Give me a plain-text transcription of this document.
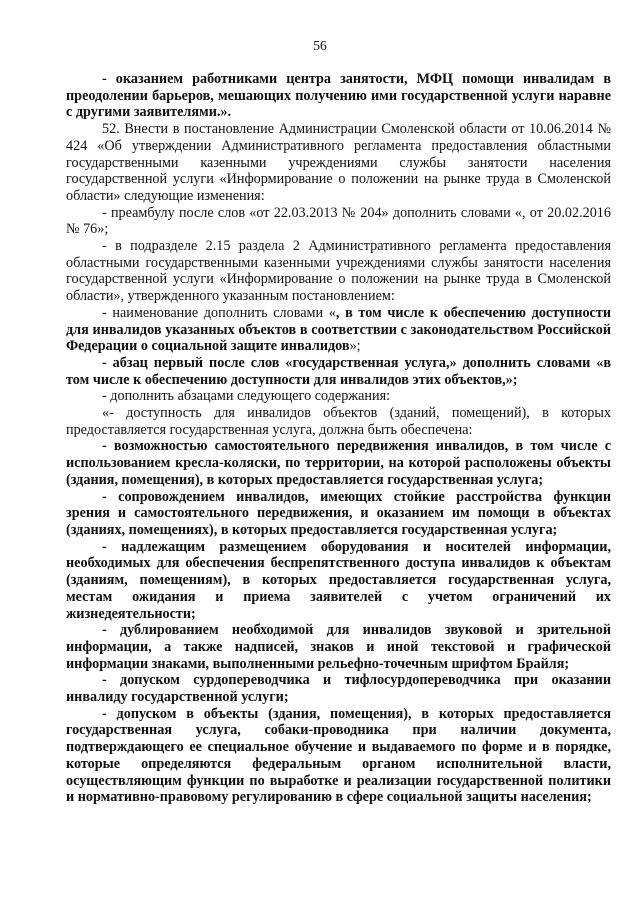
56

- оказанием работниками центра занятости, МФЦ помощи инвалидам в преодолении барьеров, мешающих получению ими государственной услуги наравне с другими заявителями.».

52. Внести в постановление Администрации Смоленской области от 10.06.2014 № 424 «Об утверждении Административного регламента предоставления областными государственными казенными учреждениями службы занятости населения государственной услуги «Информирование о положении на рынке труда в Смоленской области» следующие изменения:

- преамбулу после слов «от 22.03.2013 № 204» дополнить словами «, от 20.02.2016 № 76»;

- в подразделе 2.15 раздела 2 Административного регламента предоставления областными государственными казенными учреждениями службы занятости населения государственной услуги «Информирование о положении на рынке труда в Смоленской области», утвержденного указанным постановлением:

- наименование дополнить словами «, в том числе к обеспечению доступности для инвалидов указанных объектов в соответствии с законодательством Российской Федерации о социальной защите инвалидов»;

- абзац первый после слов «государственная услуга,» дополнить словами «в том числе к обеспечению доступности для инвалидов этих объектов,»;

- дополнить абзацами следующего содержания:

«- доступность для инвалидов объектов (зданий, помещений), в которых предоставляется государственная услуга, должна быть обеспечена:

- возможностью самостоятельного передвижения инвалидов, в том числе с использованием кресла-коляски, по территории, на которой расположены объекты (здания, помещения), в которых предоставляется государственная услуга;

- сопровождением инвалидов, имеющих стойкие расстройства функции зрения и самостоятельного передвижения, и оказанием им помощи в объектах (зданиях, помещениях), в которых предоставляется государственная услуга;

- надлежащим размещением оборудования и носителей информации, необходимых для обеспечения беспрепятственного доступа инвалидов к объектам (зданиям, помещениям), в которых предоставляется государственная услуга, местам ожидания и приема заявителей с учетом ограничений их жизнедеятельности;

- дублированием необходимой для инвалидов звуковой и зрительной информации, а также надписей, знаков и иной текстовой и графической информации знаками, выполненными рельефно-точечным шрифтом Брайля;

- допуском сурдопереводчика и тифлосурдопереводчика при оказании инвалиду государственной услуги;

- допуском в объекты (здания, помещения), в которых предоставляется государственная услуга, собаки-проводника при наличии документа, подтверждающего ее специальное обучение и выдаваемого по форме и в порядке, которые определяются федеральным органом исполнительной власти, осуществляющим функции по выработке и реализации государственной политики и нормативно-правовому регулированию в сфере социальной защиты населения;
